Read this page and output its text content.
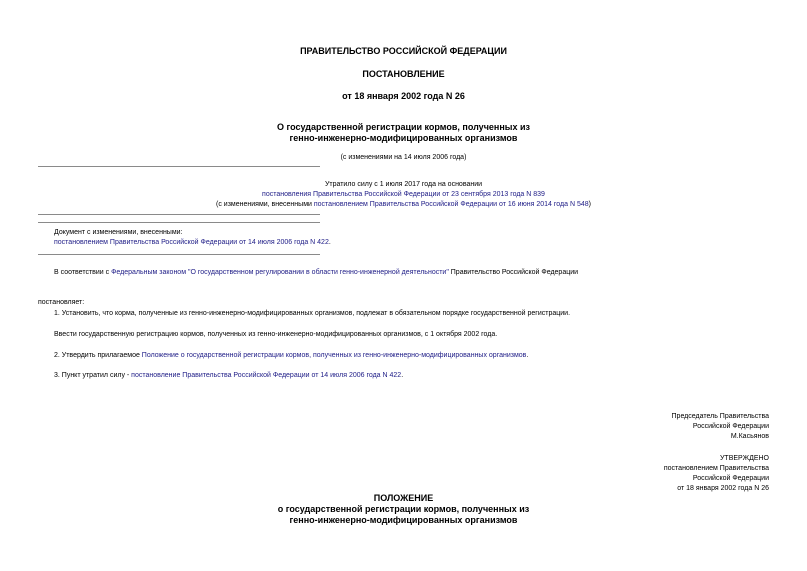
ПРАВИТЕЛЬСТВО РОССИЙСКОЙ ФЕДЕРАЦИИ
ПОСТАНОВЛЕНИЕ
от 18 января 2002 года N 26
О государственной регистрации кормов, полученных из
генно-инженерно-модифицированных организмов
(с изменениями на 14 июля 2006 года)
Утратило силу с 1 июля 2017 года на основании
постановления Правительства Российской Федерации от 23 сентября 2013 года N 839
(с изменениями, внесенными постановлением Правительства Российской Федерации от 16 июня 2014 года N 548)
Документ с изменениями, внесенными:
постановлением Правительства Российской Федерации от 14 июля 2006 года N 422.
В соответствии с Федеральным законом "О государственном регулировании в области генно-инженерной деятельности" Правительство Российской Федерации
постановляет:
1. Установить, что корма, полученные из генно-инженерно-модифицированных организмов, подлежат в обязательном порядке государственной регистрации.
Ввести государственную регистрацию кормов, полученных из генно-инженерно-модифицированных организмов, с 1 октября 2002 года.
2. Утвердить прилагаемое Положение о государственной регистрации кормов, полученных из генно-инженерно-модифицированных организмов.
3. Пункт утратил силу - постановление Правительства Российской Федерации от 14 июля 2006 года N 422.
Председатель Правительства
Российской Федерации
М.Касьянов
УТВЕРЖДЕНО
постановлением Правительства
Российской Федерации
от 18 января 2002 года N 26
ПОЛОЖЕНИЕ
о государственной регистрации кормов, полученных из
генно-инженерно-модифицированных организмов
